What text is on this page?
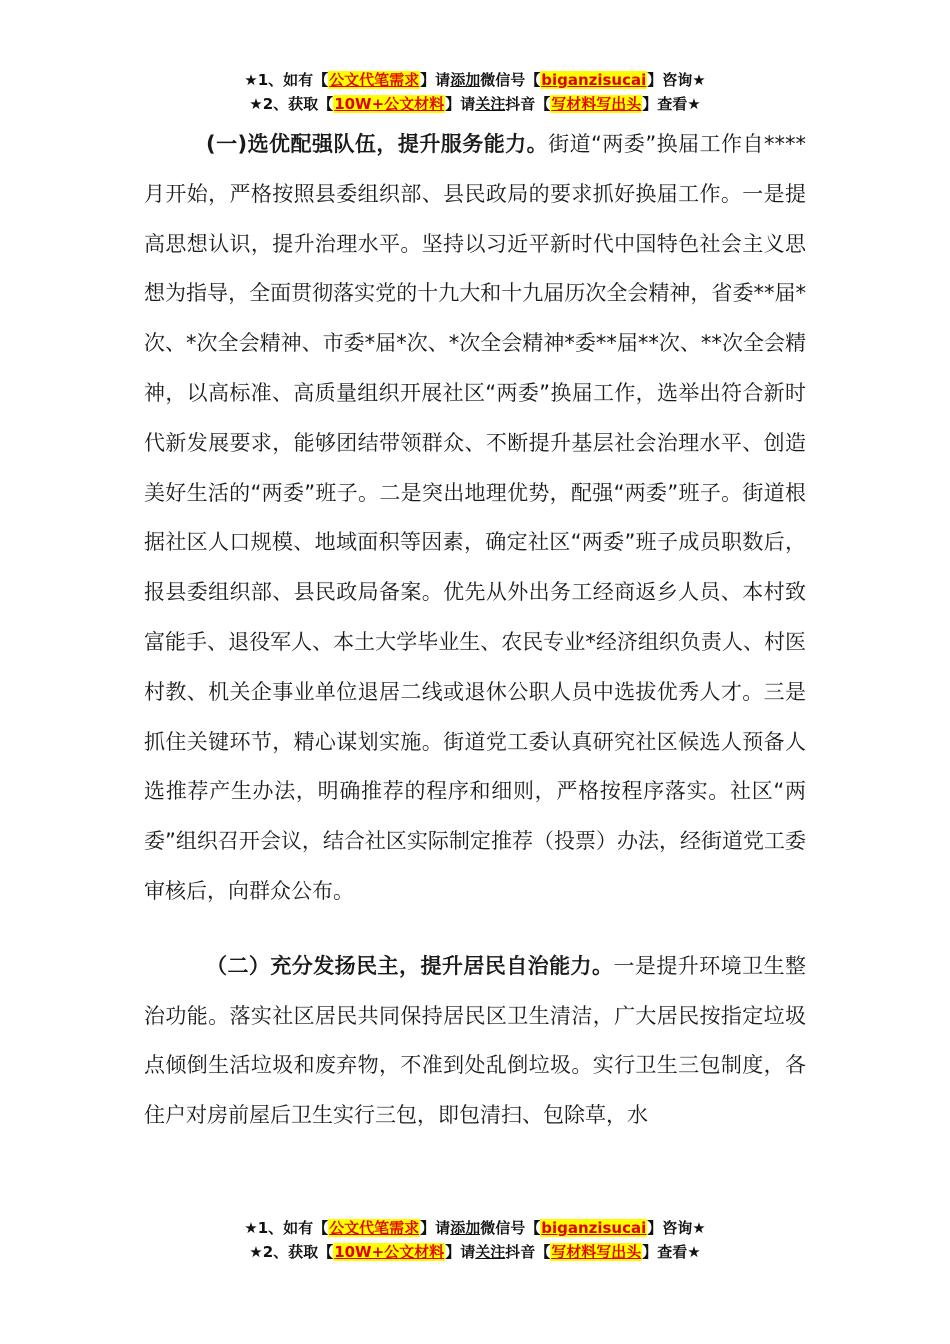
★1、如有【公文代笔需求】请添加微信号【biganzisucai】咨询★
★2、获取【10W+公文材料】请关注抖音【写材料写出头】查看★

(一)选优配强队伍，提升服务能力。街道“两委”换届工作自****月开始，严格按照县委组织部、县民政局的要求抓好换届工作。一是提高思想认识，提升治理水平。坚持以习近平新时代中国特色社会主义思想为指导，全面贯彻落实党的十九大和十九届历次全会精神，省委**届*次、*次全会精神、市委*届*次、*次全会精神*委**届**次、**次全会精神，以高标准、高质量组织开展社区“两委”换届工作，选举出符合新时代新发展要求，能够团结带领群众、不断提升基层社会治理水平、创造美好生活的“两委”班子。二是突出地理优势，配强“两委”班子。街道根据社区人口规模、地域面积等因素，确定社区“两委”班子成员职数后，报县委组织部、县民政局备案。优先从外出务工经商返乡人员、本村致富能手、退役军人、本土大学毕业生、农民专业*经济组织负责人、村医村教、机关企事业单位退居二线或退休公职人员中选拔优秀人才。三是抓住关键环节，精心谋划实施。街道党工委认真研究社区候选人预备人选推荐产生办法，明确推荐的程序和细则，严格按程序落实。社区“两委”组织召开会议，结合社区实际制定推荐（投票）办法，经街道党工委审核后，向群众公布。

（二）充分发扬民主，提升居民自治能力。一是提升环境卫生整治功能。落实社区居民共同保持居民区卫生清洁，广大居民按指定垃圾点倾倒生活垃圾和废弃物，不准到处乱倒垃圾。实行卫生三包制度，各住户对房前屋后卫生实行三包，即包清扫、包除草，水

★1、如有【公文代笔需求】请添加微信号【biganzisucai】咨询★
★2、获取【10W+公文材料】请关注抖音【写材料写出头】查看★
